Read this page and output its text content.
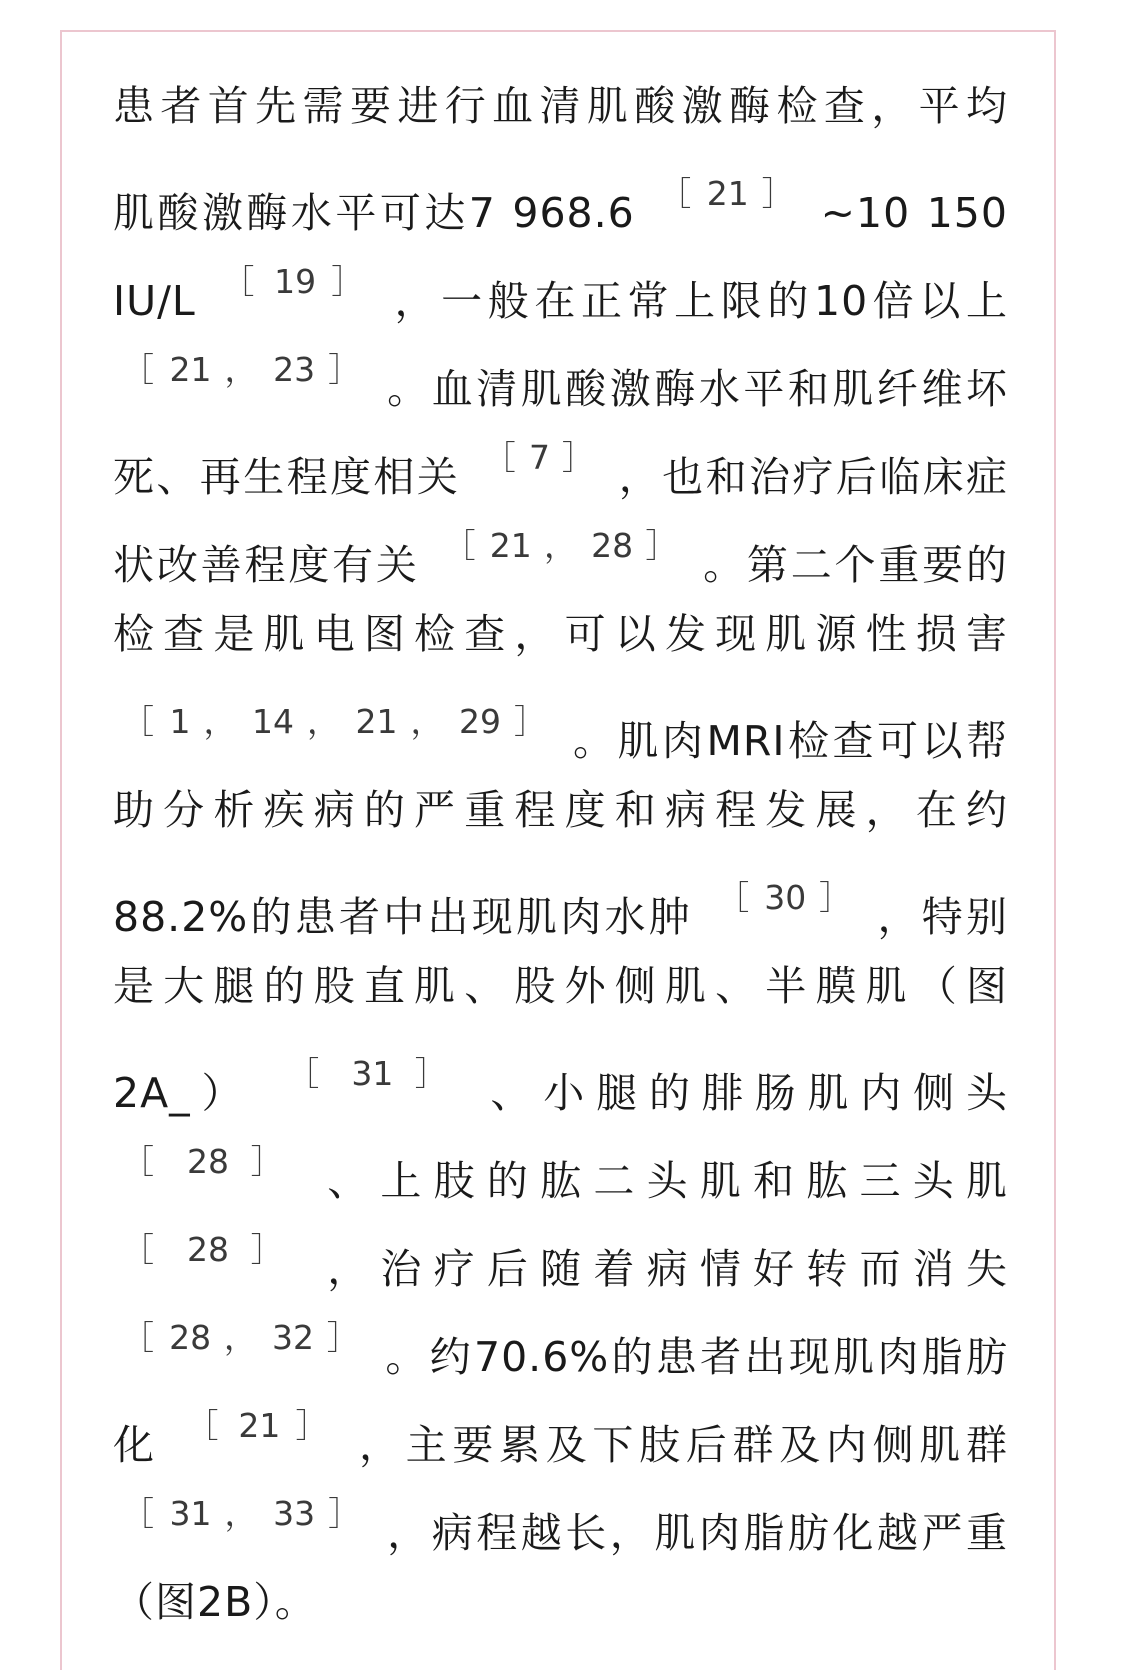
患者首先需要进行血清肌酸激酶检查，平均
肌酸激酶水平可达7 968.6 $^{[ 21 ]}$ ~10 150
IU/L $^{[ 19 ]}$ ，一般在正常上限的10倍以上
$^{[ 21 , 23 ]}$ 。血清肌酸激酶水平和肌纤维坏
死、再生程度相关 $^{[ 7 ]}$ ，也和治疗后临床症
状改善程度有关 $^{[ 21 , 28 ]}$ 。第二个重要的
检查是肌电图检查，可以发现肌源性损害
$^{[ 1 , 14 , 21 , 29 ]}$ 。肌肉MRI检查可以帮
助分析疾病的严重程度和病程发展，在约
88.2%的患者中出现肌肉水肿 $^{[ 30 ]}$ ，特别
是大腿的股直肌、股外侧肌、半膜肌（图
2A_） $^{[ 31 ]}$ 、小腿的腓肠肌内侧头
$^{[ 28 ]}$ 、上肢的肱二头肌和肱三头肌
$^{[ 28 ]}$ ，治疗后随着病情好转而消失
$^{[ 28 , 32 ]}$ 。约70.6%的患者出现肌肉脂肪
化 $^{[ 21 ]}$ ，主要累及下肢后群及内侧肌群
$^{[ 31 , 33 ]}$ ，病程越长，肌肉脂肪化越严重
（图2B）。
